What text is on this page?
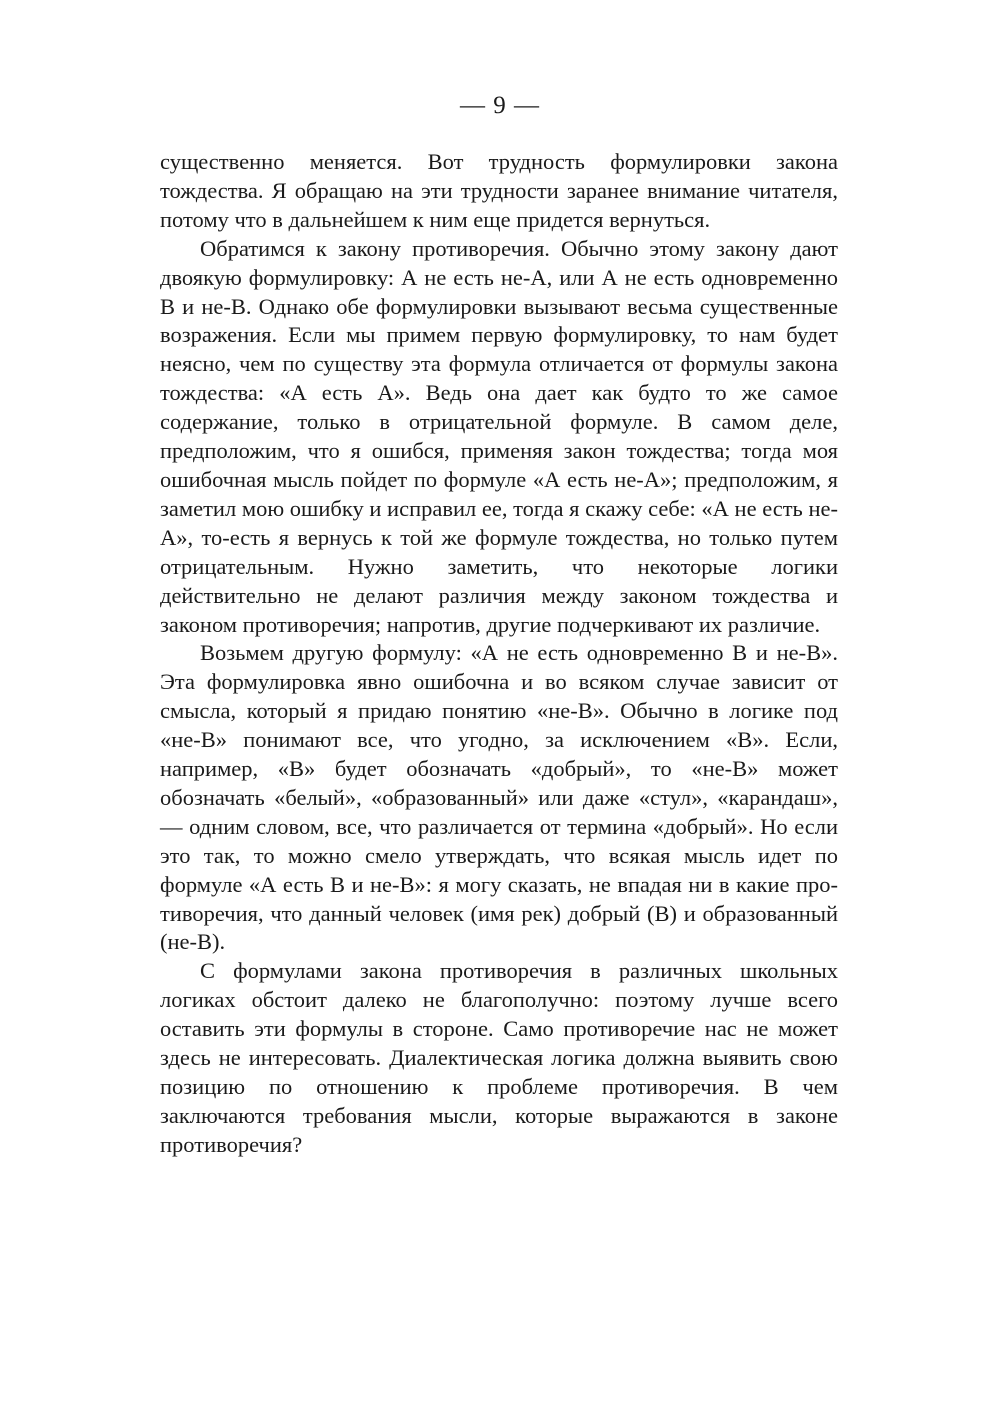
— 9 —

существенно меняется. Вот трудность формулировки закона тождества. Я обращаю на эти трудности заранее внимание читателя, потому что в дальнейшем к ним еще придется вернуться.

Обратимся к закону противоречия. Обычно этому закону дают двоякую формулировку: А не есть не-А, или А не есть одновременно В и не-В. Однако обе формулировки вызывают весьма существенные возражения. Если мы примем первую формулировку, то нам будет неясно, чем по существу эта формула отличается от формулы закона тождества: «А есть А». Ведь она дает как будто то же самое содержание, только в отрицательной формуле. В самом деле, предположим, что я ошибся, применяя закон тождества; тогда моя ошибочная мысль пойдет по формуле «А есть не-А»; предположим, я заметил мою ошибку и исправил ее, тогда я скажу себе: «А не есть не-А», то-есть я вернусь к той же формуле тождества, но только путем отрицательным. Нужно заметить, что некоторые логики действительно не делают различия между законом тождества и законом противоречия; напротив, другие подчеркивают их различие.

Возьмем другую формулу: «А не есть одновременно В и не-В». Эта формулировка явно ошибочна и во всяком случае зависит от смысла, который я придаю понятию «не-В». Обычно в логике под «не-В» понимают все, что угодно, за исключением «В». Если, например, «В» будет обозначать «добрый», то «не-В» может обозначать «белый», «образованный» или даже «стул», «карандаш», — одним словом, все, что различается от термина «добрый». Но если это так, то можно смело утверждать, что всякая мысль идет по формуле «А есть В и не-В»: я могу сказать, не впадая ни в какие противоречия, что данный человек (имя рек) добрый (В) и образованный (не-В).

С формулами закона противоречия в различных школьных логиках обстоит далеко не благополучно: поэтому лучше всего оставить эти формулы в стороне. Само противоречие нас не может здесь не интересовать. Диалектическая логика должна выявить свою позицию по отношению к проблеме противоречия. В чем заключаются требования мысли, которые выражаются в законе противоречия?
